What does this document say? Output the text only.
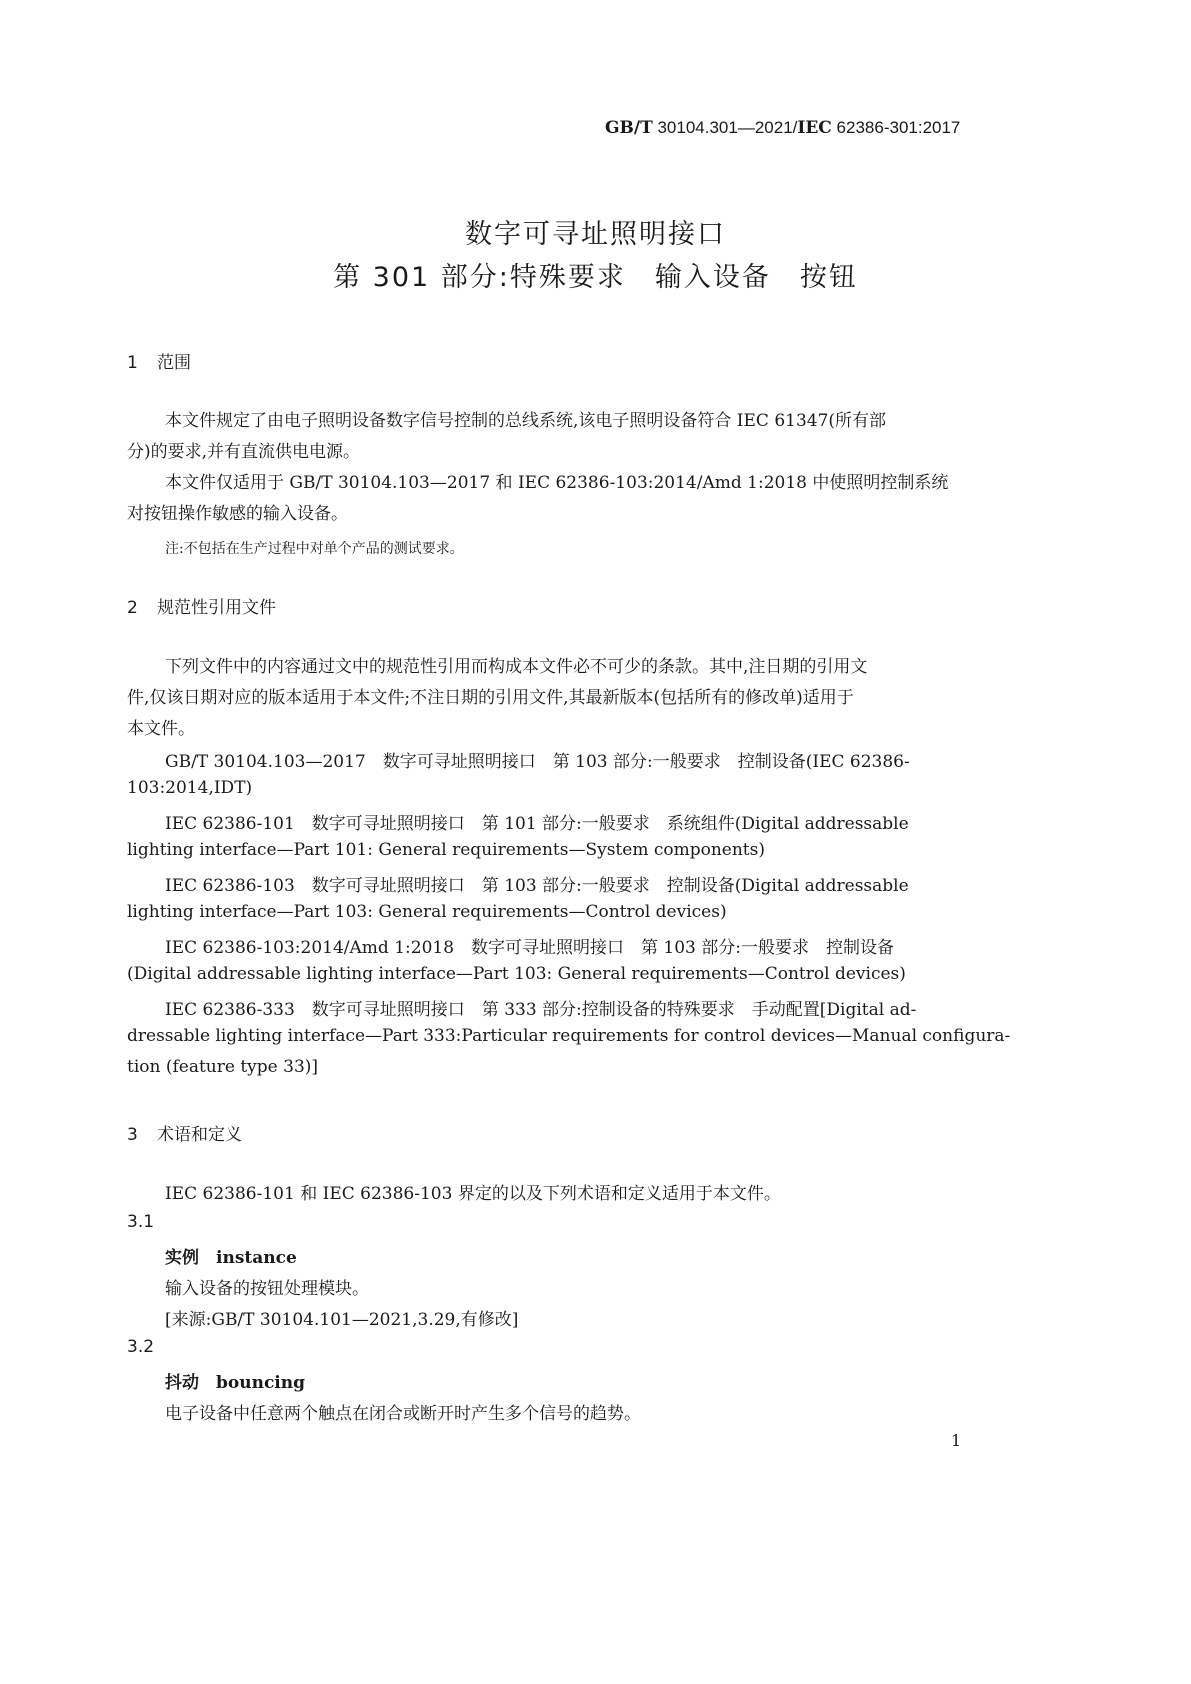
GB/T 30104.301—2021/IEC 62386-301:2017
数字可寻址照明接口
第 301 部分:特殊要求　输入设备　按钮
1 范围
本文件规定了由电子照明设备数字信号控制的总线系统,该电子照明设备符合 IEC 61347(所有部
分)的要求,并有直流供电电源。
本文件仅适用于 GB/T 30104.103—2017 和 IEC 62386-103:2014/Amd 1:2018 中使照明控制系统
对按钮操作敏感的输入设备。
注:不包括在生产过程中对单个产品的测试要求。
2 规范性引用文件
下列文件中的内容通过文中的规范性引用而构成本文件必不可少的条款。其中,注日期的引用文
件,仅该日期对应的版本适用于本文件;不注日期的引用文件,其最新版本(包括所有的修改单)适用于
本文件。
GB/T 30104.103—2017　数字可寻址照明接口　第 103 部分:一般要求　控制设备(IEC 62386-
103:2014,IDT)
IEC 62386-101　数字可寻址照明接口　第 101 部分:一般要求　系统组件(Digital addressable
lighting interface—Part 101: General requirements—System components)
IEC 62386-103　数字可寻址照明接口　第 103 部分:一般要求　控制设备(Digital addressable
lighting interface—Part 103: General requirements—Control devices)
IEC 62386-103:2014/Amd 1:2018　数字可寻址照明接口　第 103 部分:一般要求　控制设备
(Digital addressable lighting interface—Part 103: General requirements—Control devices)
IEC 62386-333　数字可寻址照明接口　第 333 部分:控制设备的特殊要求　手动配置[Digital ad-
dressable lighting interface—Part 333:Particular requirements for control devices—Manual configura-
tion (feature type 33)]
3 术语和定义
IEC 62386-101 和 IEC 62386-103 界定的以及下列术语和定义适用于本文件。
3.1
实例　instance
输入设备的按钮处理模块。
[来源:GB/T 30104.101—2021,3.29,有修改]
3.2
抖动　bouncing
电子设备中任意两个触点在闭合或断开时产生多个信号的趋势。
1
